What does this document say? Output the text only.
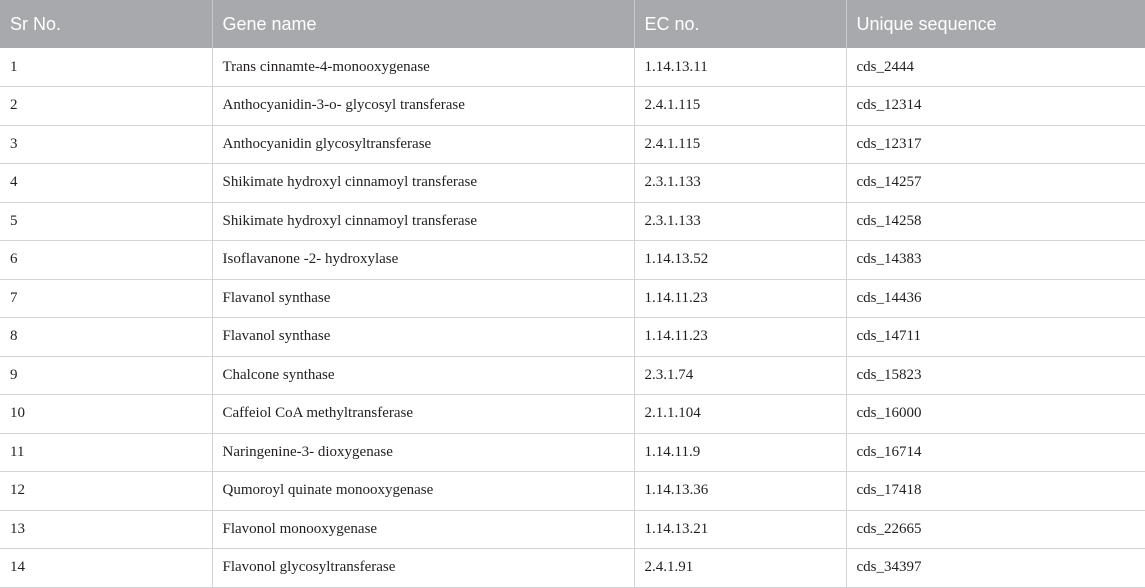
Sr No.	Gene name	EC no.	Unique sequence
1	Trans cinnamte-4-monooxygenase	1.14.13.11	cds_2444
2	Anthocyanidin-3-o- glycosyl transferase	2.4.1.115	cds_12314
3	Anthocyanidin glycosyltransferase	2.4.1.115	cds_12317
4	Shikimate hydroxyl cinnamoyl transferase	2.3.1.133	cds_14257
5	Shikimate hydroxyl cinnamoyl transferase	2.3.1.133	cds_14258
6	Isoflavanone -2- hydroxylase	1.14.13.52	cds_14383
7	Flavanol synthase	1.14.11.23	cds_14436
8	Flavanol synthase	1.14.11.23	cds_14711
9	Chalcone synthase	2.3.1.74	cds_15823
10	Caffeiol CoA methyltransferase	2.1.1.104	cds_16000
11	Naringenine-3- dioxygenase	1.14.11.9	cds_16714
12	Qumoroyl quinate monooxygenase	1.14.13.36	cds_17418
13	Flavonol monooxygenase	1.14.13.21	cds_22665
14	Flavonol glycosyltransferase	2.4.1.91	cds_34397
